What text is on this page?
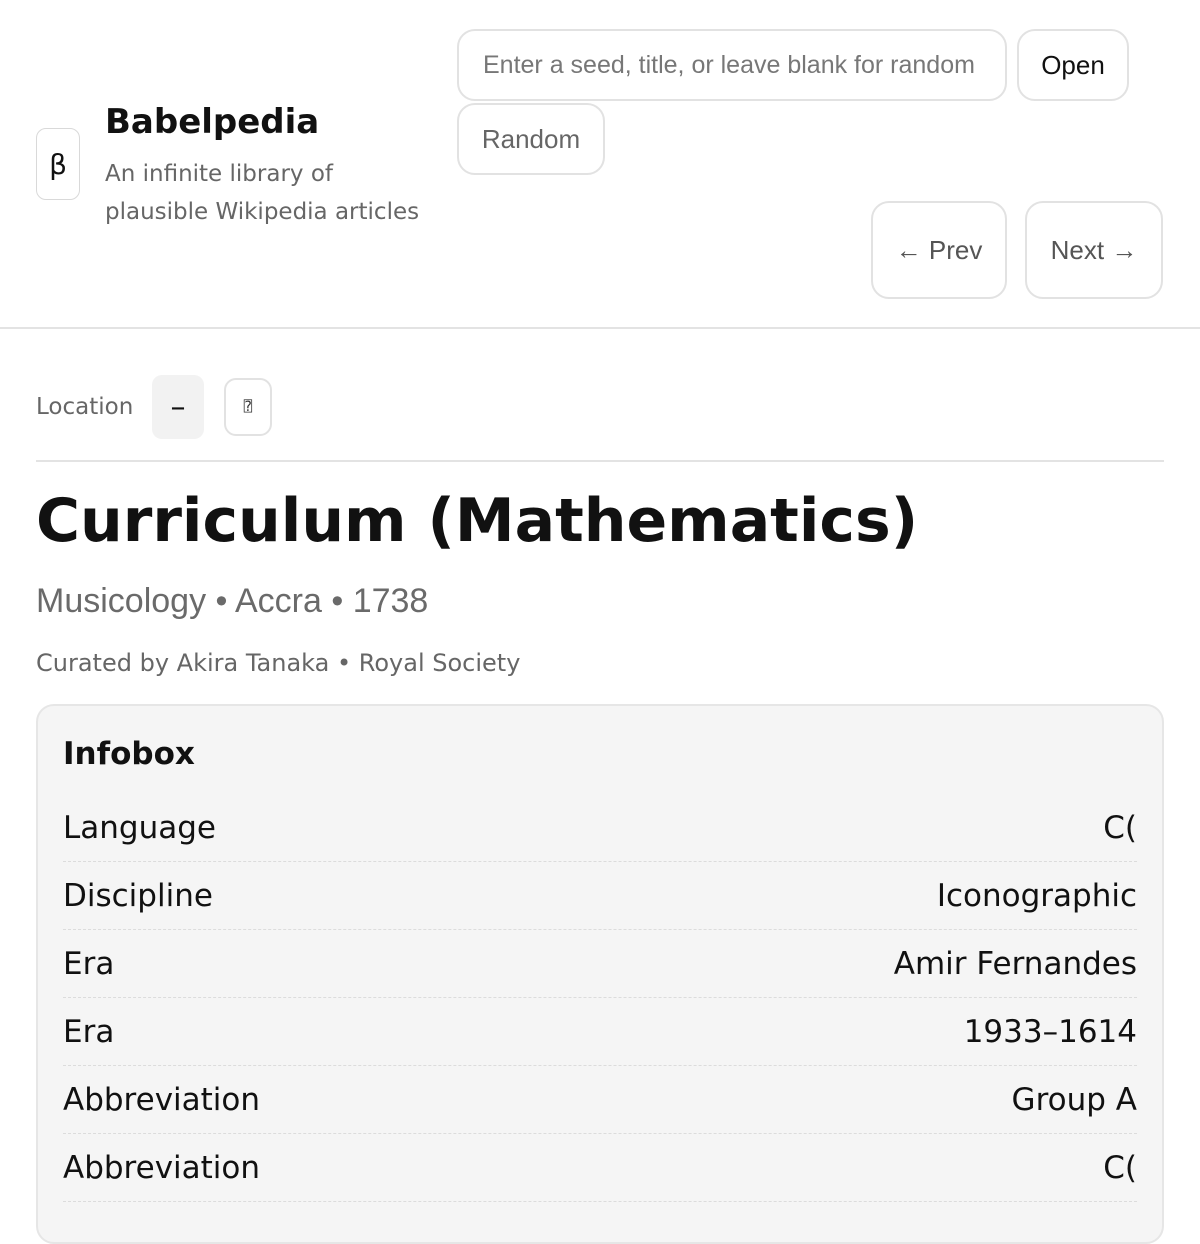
β
Babelpedia
An infinite library of plausible Wikipedia articles
Enter a seed, title, or leave blank for random
Open
Random
← Prev	Next →
Location	–	⍰
Curriculum (Mathematics)
Musicology • Accra • 1738
Curated by Akira Tanaka • Royal Society
Infobox
Language	C(
Discipline	Iconographic
Era	Amir Fernandes
Era	1933–1614
Abbreviation	Group A
Abbreviation	C(
